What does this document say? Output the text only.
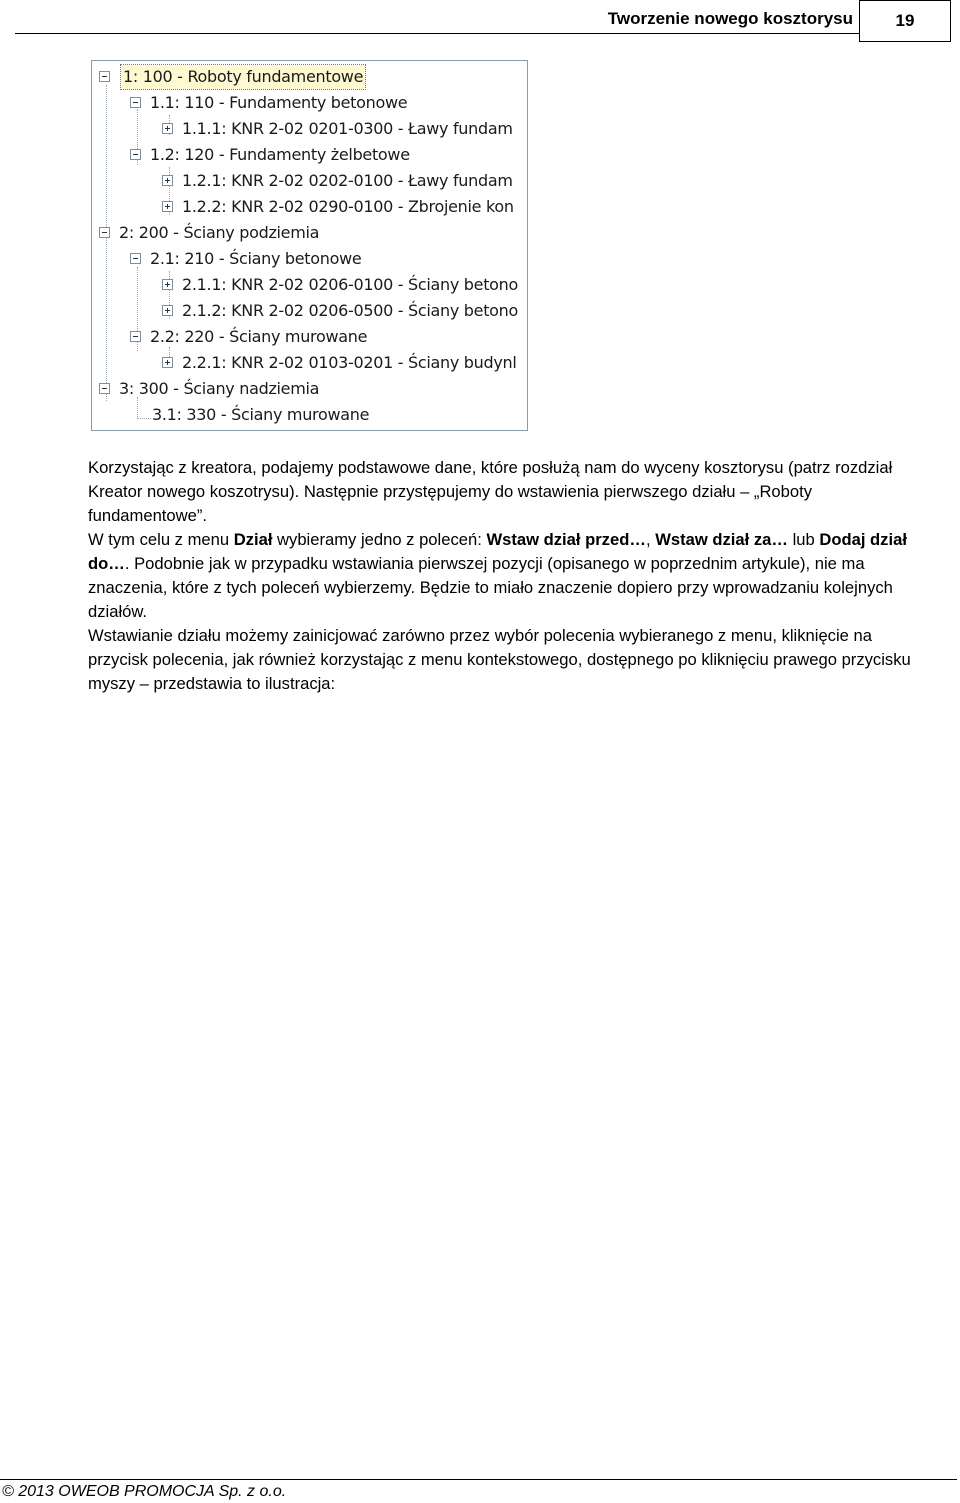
Tworzenie nowego kosztorysu	19
1: 100 - Roboty fundamentowe
1.1: 110 - Fundamenty betonowe
1.1.1: KNR 2-02 0201-0300 - Ławy fundam
1.2: 120 - Fundamenty żelbetowe
1.2.1: KNR 2-02 0202-0100 - Ławy fundam
1.2.2: KNR 2-02 0290-0100 - Zbrojenie kon
2: 200 - Ściany podziemia
2.1: 210 - Ściany betonowe
2.1.1: KNR 2-02 0206-0100 - Ściany betono
2.1.2: KNR 2-02 0206-0500 - Ściany betono
2.2: 220 - Ściany murowane
2.2.1: KNR 2-02 0103-0201 - Ściany budynl
3: 300 - Ściany nadziemia
3.1: 330 - Ściany murowane

Korzystając z kreatora, podajemy podstawowe dane, które posłużą nam do wyceny kosztorysu (patrz rozdział Kreator nowego koszotrysu). Następnie przystępujemy do wstawienia pierwszego działu – „Roboty fundamentowe”.

W tym celu z menu Dział wybieramy jedno z poleceń: Wstaw dział przed…, Wstaw dział za… lub Dodaj dział do…. Podobnie jak w przypadku wstawiania pierwszej pozycji (opisanego w poprzednim artykule), nie ma znaczenia, które z tych poleceń wybierzemy. Będzie to miało znaczenie dopiero przy wprowadzaniu kolejnych działów.

Wstawianie działu możemy zainicjować zarówno przez wybór polecenia wybieranego z menu, kliknięcie na przycisk polecenia, jak również korzystając z menu kontekstowego, dostępnego po kliknięciu prawego przycisku myszy – przedstawia to ilustracja:

© 2013 OWEOB PROMOCJA Sp. z o.o.
